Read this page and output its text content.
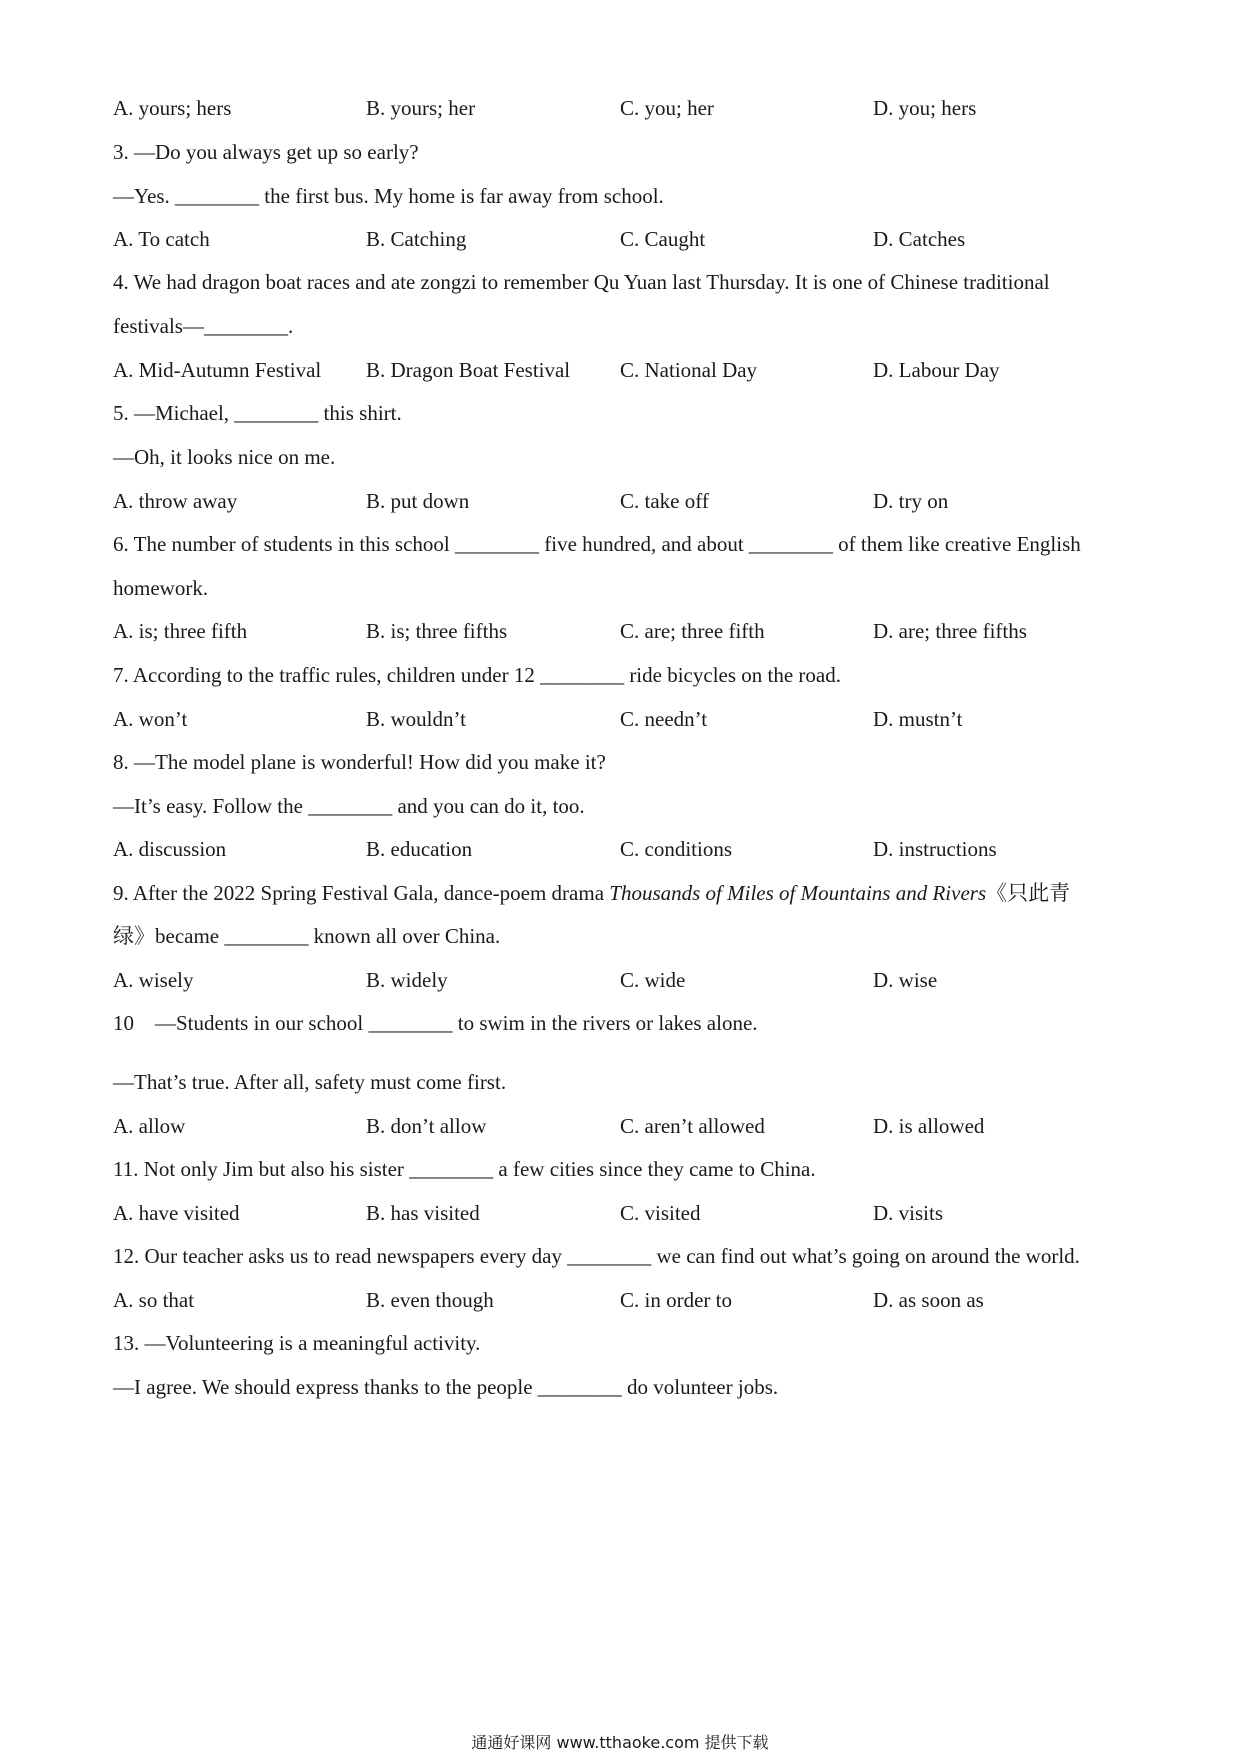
A. yours; hers	B. yours; her	C. you; her	D. you; hers
3. —Do you always get up so early?
—Yes. ________ the first bus. My home is far away from school.
A. To catch	B. Catching	C. Caught	D. Catches
4. We had dragon boat races and ate zongzi to remember Qu Yuan last Thursday. It is one of Chinese traditional
festivals—________.
A. Mid-Autumn Festival B. Dragon Boat Festival C. National Day	D. Labour Day
5. —Michael, ________ this shirt.
—Oh, it looks nice on me.
A. throw away	B. put down	C. take off	D. try on
6. The number of students in this school ________ five hundred, and about ________ of them like creative English
homework.
A. is; three fifth	B. is; three fifths	C. are; three fifth	D. are; three fifths
7. According to the traffic rules, children under 12 ________ ride bicycles on the road.
A. won’t	B. wouldn’t	C. needn’t	D. mustn’t
8. —The model plane is wonderful! How did you make it?
—It’s easy. Follow the ________ and you can do it, too.
A. discussion	B. education	C. conditions	D. instructions
9. After the 2022 Spring Festival Gala, dance-poem drama Thousands of Miles of Mountains and Rivers《只此青
绿》became ________ known all over China.
A. wisely	B. widely	C. wide	D. wise
10    —Students in our school ________ to swim in the rivers or lakes alone.
—That’s true. After all, safety must come first.
A. allow	B. don’t allow	C. aren’t allowed	D. is allowed
11. Not only Jim but also his sister ________ a few cities since they came to China.
A. have visited	B. has visited	C. visited	D. visits
12. Our teacher asks us to read newspapers every day ________ we can find out what’s going on around the world.
A. so that	B. even though	C. in order to	D. as soon as
13. —Volunteering is a meaningful activity.
—I agree. We should express thanks to the people ________ do volunteer jobs.
通通好课网 www.tthaoke.com 提供下载
